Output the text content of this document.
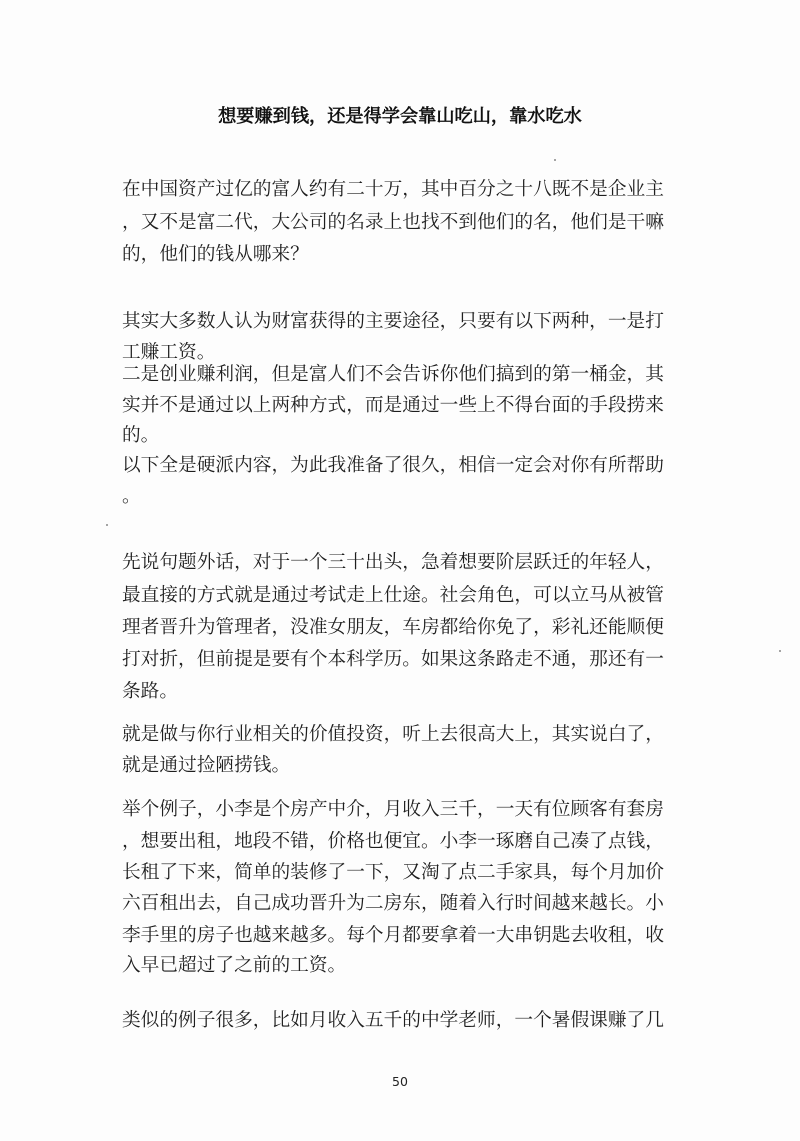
想要赚到钱，还是得学会靠山吃山，靠水吃水
在中国资产过亿的富人约有二十万，其中百分之十八既不是企业主
，又不是富二代，大公司的名录上也找不到他们的名，他们是干嘛
的，他们的钱从哪来？
其实大多数人认为财富获得的主要途径，只要有以下两种，一是打
工赚工资。
二是创业赚利润，但是富人们不会告诉你他们搞到的第一桶金，其
实并不是通过以上两种方式，而是通过一些上不得台面的手段捞来
的。
以下全是硬派内容，为此我准备了很久，相信一定会对你有所帮助
。
先说句题外话，对于一个三十出头，急着想要阶层跃迁的年轻人，
最直接的方式就是通过考试走上仕途。社会角色，可以立马从被管
理者晋升为管理者，没准女朋友，车房都给你免了，彩礼还能顺便
打对折，但前提是要有个本科学历。如果这条路走不通，那还有一
条路。
就是做与你行业相关的价值投资，听上去很高大上，其实说白了，
就是通过捡陋捞钱。
举个例子，小李是个房产中介，月收入三千，一天有位顾客有套房
，想要出租，地段不错，价格也便宜。小李一琢磨自己凑了点钱，
长租了下来，简单的装修了一下，又淘了点二手家具，每个月加价
六百租出去，自己成功晋升为二房东，随着入行时间越来越长。小
李手里的房子也越来越多。每个月都要拿着一大串钥匙去收租，收
入早已超过了之前的工资。
类似的例子很多，比如月收入五千的中学老师，一个暑假课赚了几
50
